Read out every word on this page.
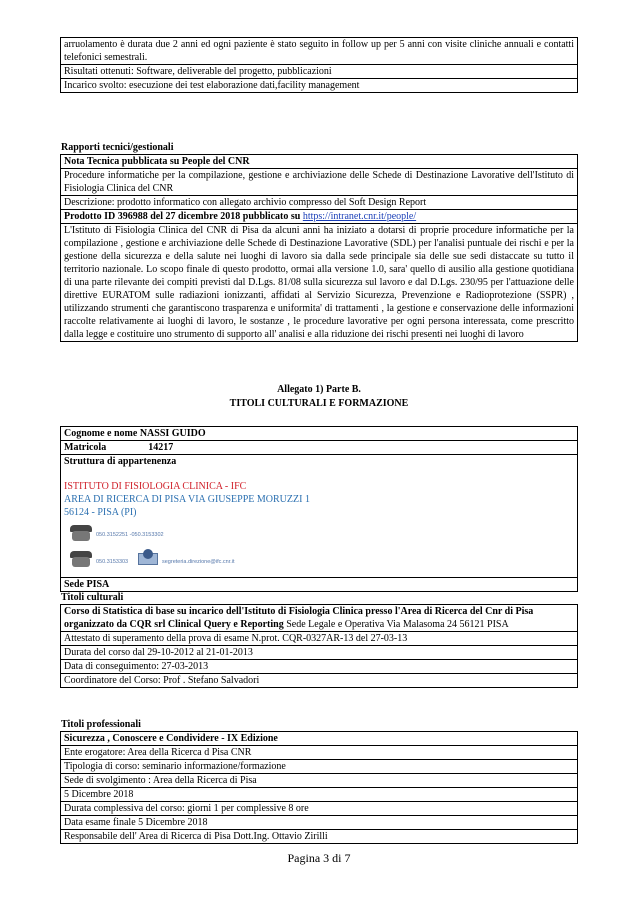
arruolamento è durata due 2 anni ed ogni paziente è stato seguito in follow up per 5 anni con visite cliniche annuali e contatti telefonici semestrali.
Risultati ottenuti: Software, deliverable del progetto, pubblicazioni
Incarico svolto: esecuzione dei test elaborazione dati,facility management
Rapporti tecnici/gestionali
Nota Tecnica pubblicata su People del CNR
Procedure informatiche per la compilazione, gestione e archiviazione delle Schede di Destinazione Lavorative dell'Istituto di Fisiologia Clinica del CNR
Descrizione: prodotto informatico con allegato archivio compresso del Soft Design Report
Prodotto ID 396988 del 27 dicembre 2018 pubblicato su https://intranet.cnr.it/people/
L'Istituto di Fisiologia Clinica del CNR di Pisa da alcuni anni ha iniziato a dotarsi di proprie procedure informatiche per la compilazione , gestione e archiviazione delle Schede di Destinazione Lavorative (SDL) per l'analisi puntuale dei rischi e per la gestione della sicurezza e della salute nei luoghi di lavoro sia dalla sede principale sia delle sue sedi distaccate su tutto il territorio nazionale. Lo scopo finale di questo prodotto, ormai alla versione 1.0, sara' quello di ausilio alla gestione quotidiana di una parte rilevante dei compiti previsti dal D.Lgs. 81/08 sulla sicurezza sul lavoro e dal D.Lgs. 230/95 per l'attuazione delle direttive EURATOM sulle radiazioni ionizzanti, affidati al Servizio Sicurezza, Prevenzione e Radioprotezione (SSPR) , utilizzando strumenti che garantiscono trasparenza e uniformita' di trattamenti , la gestione e conservazione delle informazioni raccolte relativamente ai luoghi di lavoro, le sostanze , le procedure lavorative per ogni persona interessata, come prescritto dalla legge e costituire uno strumento di supporto all' analisi e alla riduzione dei rischi presenti nei luoghi di lavoro
Allegato 1) Parte B.
TITOLI CULTURALI E FORMAZIONE
Cognome e nome NASSI GUIDO
Matricola	14217
Struttura di appartenenza
ISTITUTO DI FISIOLOGIA CLINICA - IFC
AREA DI RICERCA DI PISA VIA GIUSEPPE MORUZZI 1
56124 - PISA (PI)
050.3152251 -050.3153302
050.3153303	segreteria.direzione@ifc.cnr.it
Sede PISA
Titoli culturali
Corso di Statistica di base su incarico dell'Istituto di Fisiologia Clinica presso l'Area di Ricerca del Cnr di Pisa organizzato da CQR srl Clinical Query e Reporting Sede Legale e Operativa Via Malasoma 24 56121 PISA
Attestato di superamento della prova di esame N.prot. CQR-0327AR-13 del 27-03-13
Durata del corso dal 29-10-2012 al 21-01-2013
Data di conseguimento: 27-03-2013
Coordinatore del Corso: Prof . Stefano Salvadori
Titoli professionali
Sicurezza , Conoscere e Condividere - IX Edizione
Ente erogatore: Area della Ricerca d Pisa CNR
Tipologia di corso: seminario informazione/formazione
Sede di svolgimento : Area della Ricerca di Pisa
5 Dicembre 2018
Durata complessiva del corso: giorni 1 per complessive 8 ore
Data esame finale 5 Dicembre 2018
Responsabile dell' Area di Ricerca di Pisa Dott.Ing. Ottavio Zirilli
Pagina 3 di 7
